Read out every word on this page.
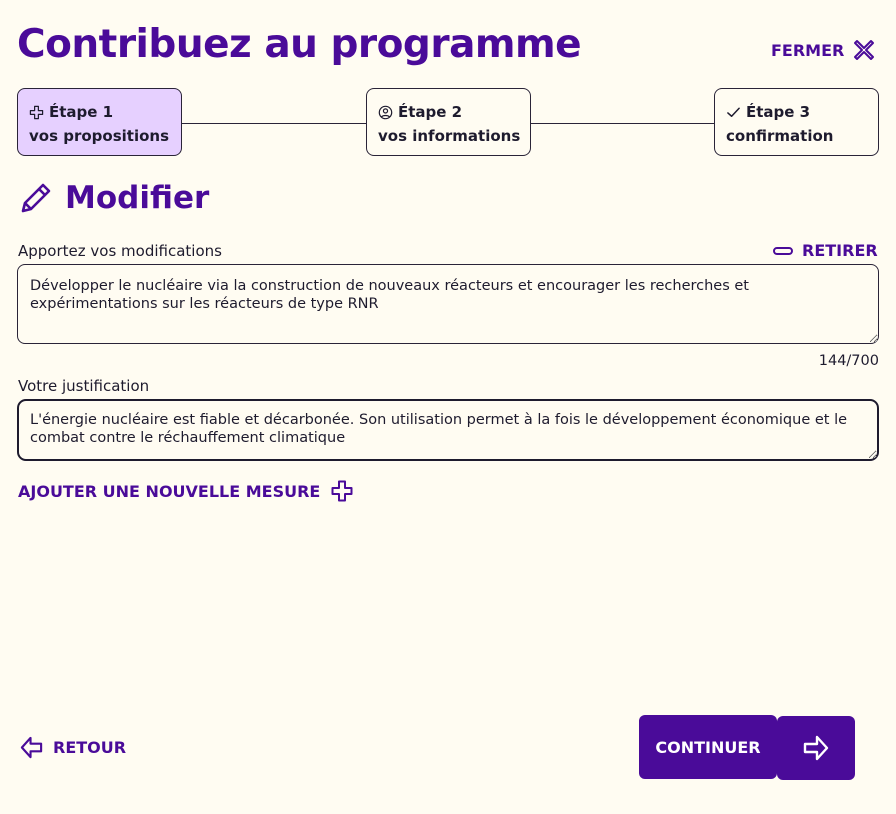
Contribuez au programme	FERMER
Étape 1
vos propositions
Étape 2
vos informations
Étape 3
confirmation
Modifier
Apportez vos modifications	RETIRER
Développer le nucléaire via la construction de nouveaux réacteurs et encourager les recherches et expérimentations sur les réacteurs de type RNR
144/700
Votre justification
L'énergie nucléaire est fiable et décarbonée. Son utilisation permet à la fois le développement économique et le combat contre le réchauffement climatique
AJOUTER UNE NOUVELLE MESURE
RETOUR	CONTINUER
